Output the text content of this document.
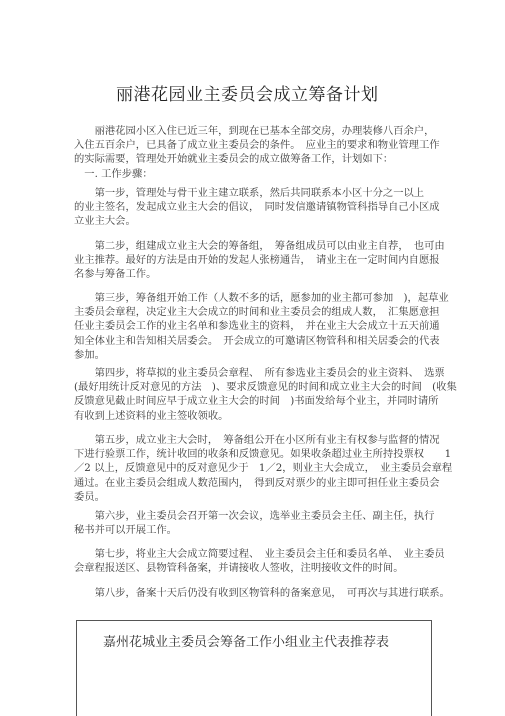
丽港花园业主委员会成立筹备计划
　　丽港花园小区入住已近三年，到现在已基本全部交房，办理装修八百余户，
入住五百余户，已具备了成立业主委员会的条件。　应业主的要求和物业管理工作
的实际需要，管理处开始就业主委员会的成立做筹备工作，计划如下：
　一. 工作步骤：
　　第一步，管理处与骨干业主建立联系，然后共同联系本小区十分之一以上
的业主签名，发起成立业主大会的倡议，　同时发信邀请镇物管科指导自己小区成
立业主大会。
　　第二步，组建成立业主大会的筹备组，　筹备组成员可以由业主自荐，　也可由
业主推荐。最好的方法是由开始的发起人张榜通告，　请业主在一定时间内自愿报
名参与筹备工作。
　　第三步，筹备组开始工作（人数不多的话，愿参加的业主都可参加　)，起草业
主委员会章程，决定业主大会成立的时间和业主委员会的组成人数，　汇集愿意担
任业主委员会工作的业主名单和参选业主的资料，　并在业主大会成立十五天前通
知全体业主和告知相关居委会。　开会成立的可邀请区物管科和相关居委会的代表
参加。
　　第四步，将草拟的业主委员会章程、　所有参选业主委员会的业主资料、　选票
(最好用统计反对意见的方法　)、要求反馈意见的时间和成立业主大会的时间　(收集
反馈意见截止时间应早于成立业主大会的时间　)书面发给每个业主，并同时请所
有收到上述资料的业主签收领收。
　　第五步，成立业主大会时，　筹备组公开在小区所有业主有权参与监督的情况
下进行验票工作，统计收回的收条和反馈意见。如果收条超过业主所持投票权　　1
／2 以上，反馈意见中的反对意见少于　1／2，则业主大会成立，　业主委员会章程
通过。在业主委员会组成人数范围内，　得到反对票少的业主即可担任业主委员会
委员。
　　第六步，业主委员会召开第一次会议，选举业主委员会主任、副主任，执行
秘书并可以开展工作。
　　第七步，将业主大会成立简要过程、　业主委员会主任和委员名单、　业主委员
会章程报送区、县物管科备案，并请接收人签收，注明接收文件的时间。
　　第八步，备案十天后仍没有收到区物管科的备案意见，　可再次与其进行联系。
嘉州花城业主委员会筹备工作小组业主代表推荐表
